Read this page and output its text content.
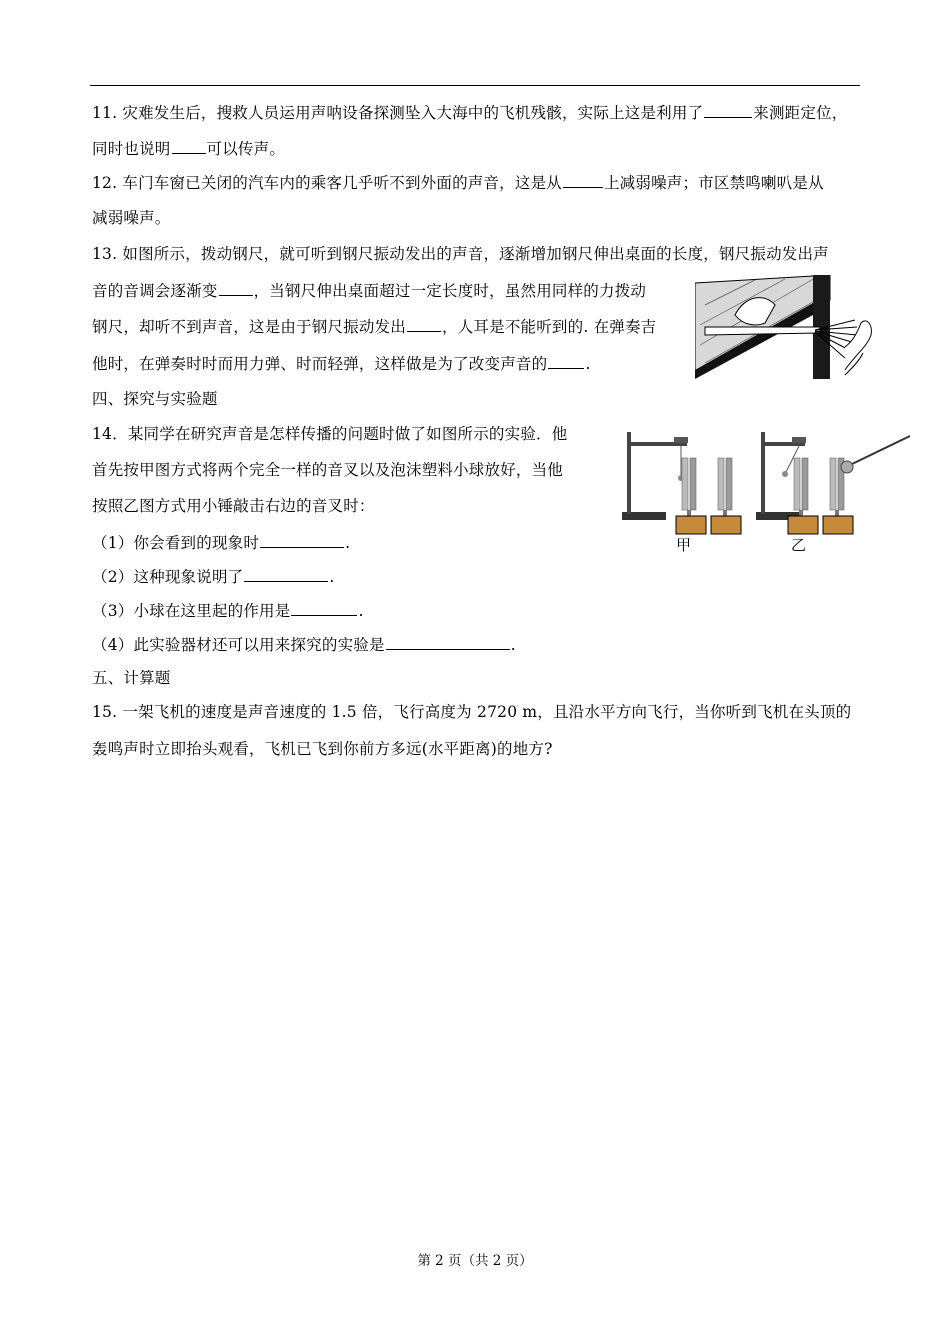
11. 灾难发生后，搜救人员运用声呐设备探测坠入大海中的飞机残骸，实际上这是利用了	来测距定位，
同时也说明 可以传声。
12. 车门车窗已关闭的汽车内的乘客几乎听不到外面的声音，这是从	上减弱噪声；市区禁鸣喇叭是从
减弱噪声。
13. 如图所示，拨动钢尺，就可听到钢尺振动发出的声音，逐渐增加钢尺伸出桌面的长度，钢尺振动发出声
音的音调会逐渐变 ，当钢尺伸出桌面超过一定长度时，虽然用同样的力拨动
钢尺，却听不到声音，这是由于钢尺振动发出 ，人耳是不能听到的. 在弹奏吉
他时，在弹奏时时而用力弹、时而轻弹，这样做是为了改变声音的 .
四、探究与实验题
14．某同学在研究声音是怎样传播的问题时做了如图所示的实验．他
首先按甲图方式将两个完全一样的音叉以及泡沫塑料小球放好，当他
按照乙图方式用小锤敲击右边的音叉时：
（1）你会看到的现象时	.
（2）这种现象说明了	.
（3）小球在这里起的作用是	.
（4）此实验器材还可以用来探究的实验是	.
甲	乙
五、计算题
15. 一架飞机的速度是声音速度的 1.5 倍，飞行高度为 2720 m，且沿水平方向飞行，当你听到飞机在头顶的
轰鸣声时立即抬头观看，飞机已飞到你前方多远(水平距离)的地方?
第 2 页（共 2 页）
